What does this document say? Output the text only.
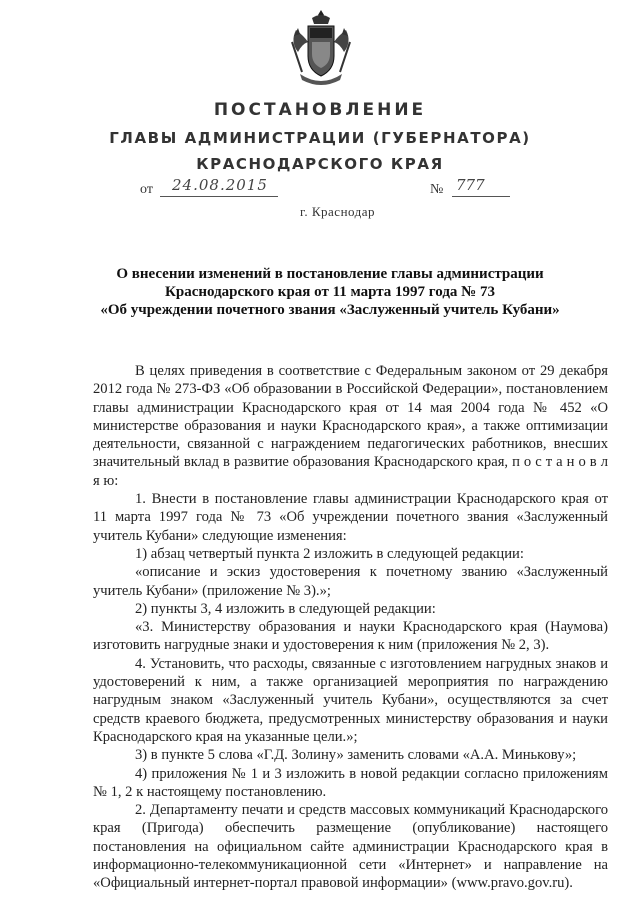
ПОСТАНОВЛЕНИЕ
ГЛАВЫ АДМИНИСТРАЦИИ (ГУБЕРНАТОРА)
КРАСНОДАРСКОГО КРАЯ
от 24.08.2015	№ 777
г. Краснодар
О внесении изменений в постановление главы администрации
Краснодарского края от 11 марта 1997 года № 73
«Об учреждении почетного звания «Заслуженный учитель Кубани»

В целях приведения в соответствие с Федеральным законом от 29 декабря 2012 года № 273-ФЗ «Об образовании в Российской Федерации», постановлением главы администрации Краснодарского края от 14 мая 2004 года № 452 «О министерстве образования и науки Краснодарского края», а также оптимизации деятельности, связанной с награждением педагогических работников, внесших значительный вклад в развитие образования Краснодарского края, п о с т а н о в л я ю:

1. Внести в постановление главы администрации Краснодарского края от 11 марта 1997 года № 73 «Об учреждении почетного звания «Заслуженный учитель Кубани» следующие изменения:

1) абзац четвертый пункта 2 изложить в следующей редакции:

«описание и эскиз удостоверения к почетному званию «Заслуженный учитель Кубани» (приложение № 3).»;

2) пункты 3, 4 изложить в следующей редакции:

«3. Министерству образования и науки Краснодарского края (Наумова) изготовить нагрудные знаки и удостоверения к ним (приложения № 2, 3).

4. Установить, что расходы, связанные с изготовлением нагрудных знаков и удостоверений к ним, а также организацией мероприятия по награждению нагрудным знаком «Заслуженный учитель Кубани», осуществляются за счет средств краевого бюджета, предусмотренных министерству образования и науки Краснодарского края на указанные цели.»;

3) в пункте 5 слова «Г.Д. Золину» заменить словами «А.А. Минькову»;

4) приложения № 1 и 3 изложить в новой редакции согласно приложениям № 1, 2 к настоящему постановлению.

2. Департаменту печати и средств массовых коммуникаций Краснодарского края (Пригода) обеспечить размещение (опубликование) настоящего постановления на официальном сайте администрации Краснодарского края в информационно-телекоммуникационной сети «Интернет» и направление на «Официальный интернет-портал правовой информации» (www.pravo.gov.ru).
